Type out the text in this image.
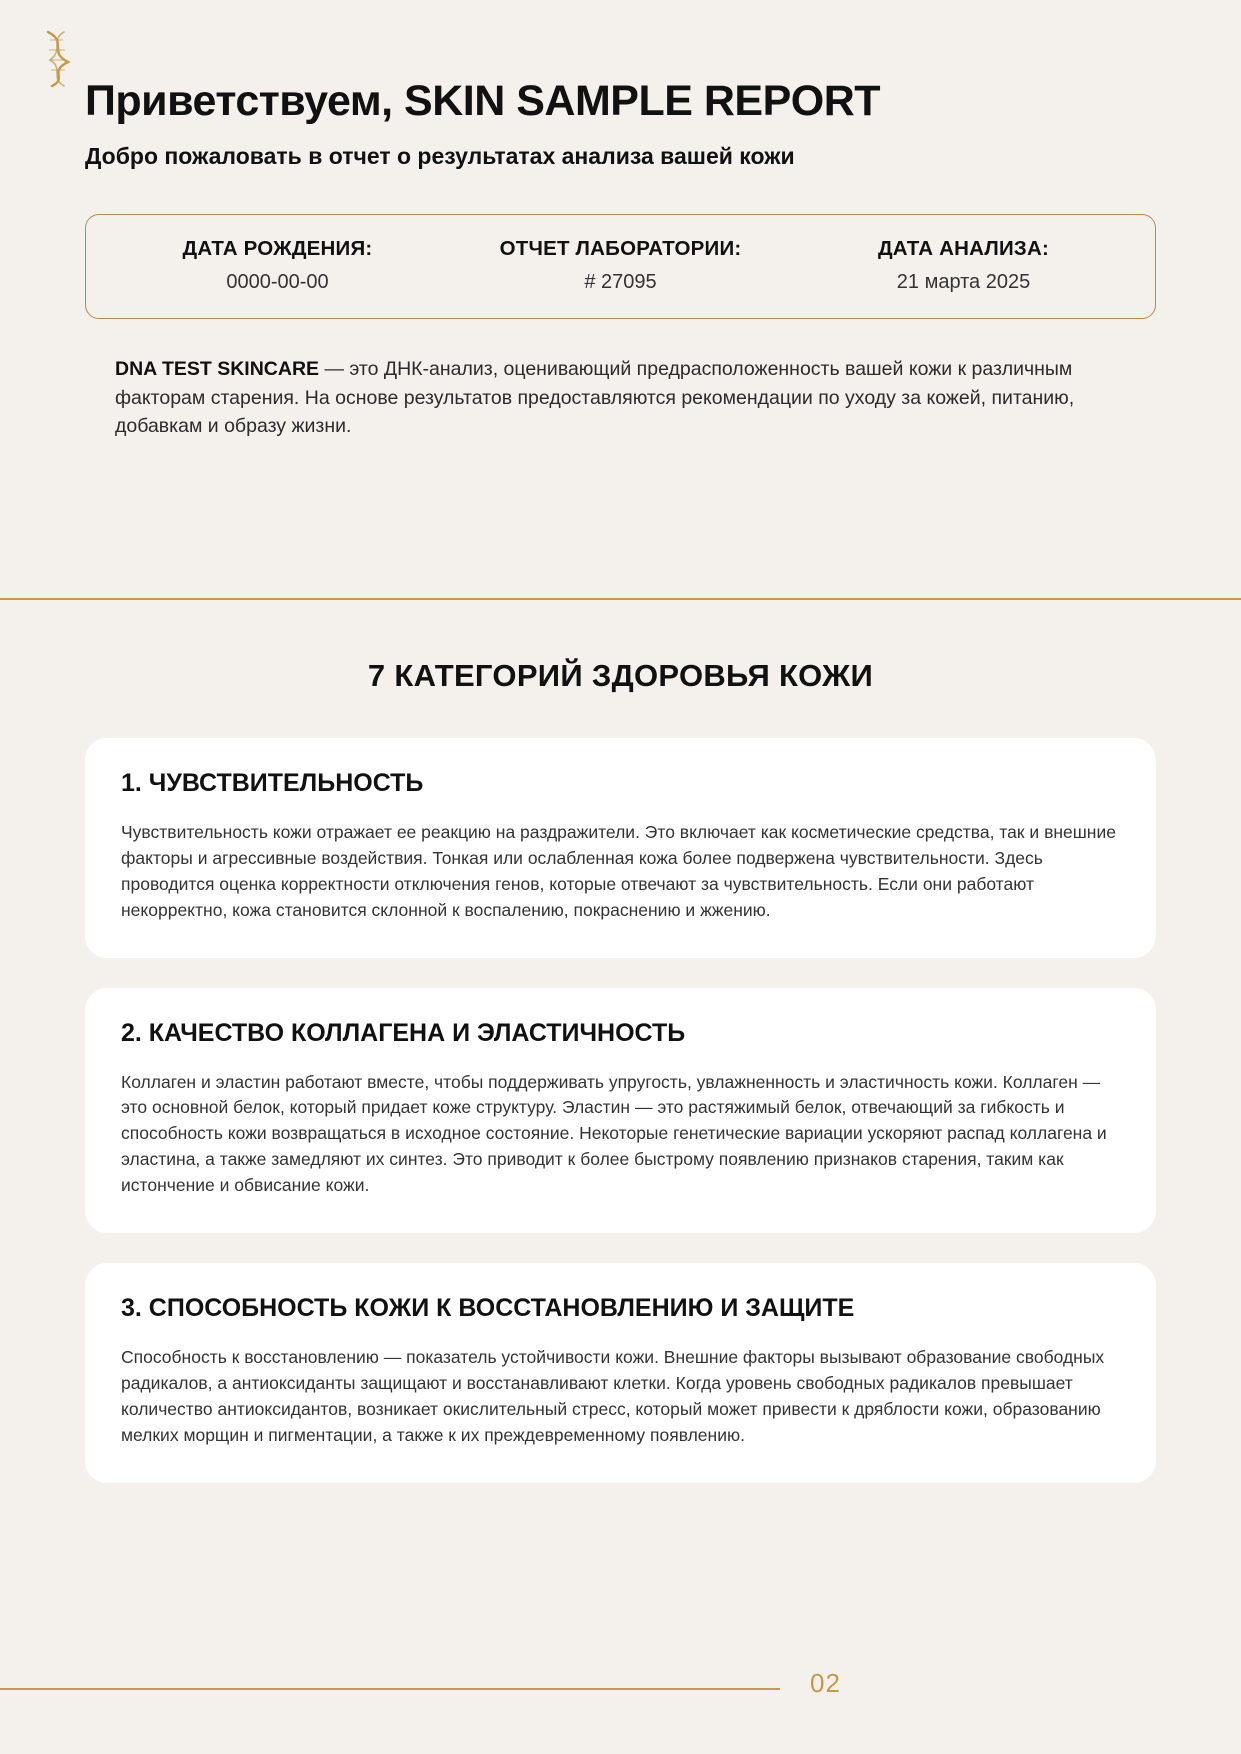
Приветствуем, SKIN SAMPLE REPORT
Добро пожаловать в отчет о результатах анализа вашей кожи
ДАТА РОЖДЕНИЯ:
0000-00-00
ОТЧЕТ ЛАБОРАТОРИИ:
# 27095
ДАТА АНАЛИЗА:
21 марта 2025

DNA TEST SKINCARE — это ДНК-анализ, оценивающий предрасположенность вашей кожи к различным факторам старения. На основе результатов предоставляются рекомендации по уходу за кожей, питанию, добавкам и образу жизни.

7 КАТЕГОРИЙ ЗДОРОВЬЯ КОЖИ
1. ЧУВСТВИТЕЛЬНОСТЬ

Чувствительность кожи отражает ее реакцию на раздражители. Это включает как косметические средства, так и внешние факторы и агрессивные воздействия. Тонкая или ослабленная кожа более подвержена чувствительности. Здесь проводится оценка корректности отключения генов, которые отвечают за чувствительность. Если они работают некорректно, кожа становится склонной к воспалению, покраснению и жжению.

2. КАЧЕСТВО КОЛЛАГЕНА И ЭЛАСТИЧНОСТЬ

Коллаген и эластин работают вместе, чтобы поддерживать упругость, увлажненность и эластичность кожи. Коллаген — это основной белок, который придает коже структуру. Эластин — это растяжимый белок, отвечающий за гибкость и способность кожи возвращаться в исходное состояние. Некоторые генетические вариации ускоряют распад коллагена и эластина, а также замедляют их синтез. Это приводит к более быстрому появлению признаков старения, таким как истончение и обвисание кожи.

3. СПОСОБНОСТЬ КОЖИ К ВОССТАНОВЛЕНИЮ И ЗАЩИТЕ

Способность к восстановлению — показатель устойчивости кожи. Внешние факторы вызывают образование свободных радикалов, а антиоксиданты защищают и восстанавливают клетки. Когда уровень свободных радикалов превышает количество антиоксидантов, возникает окислительный стресс, который может привести к дряблости кожи, образованию мелких морщин и пигментации, а также к их преждевременному появлению.

02
